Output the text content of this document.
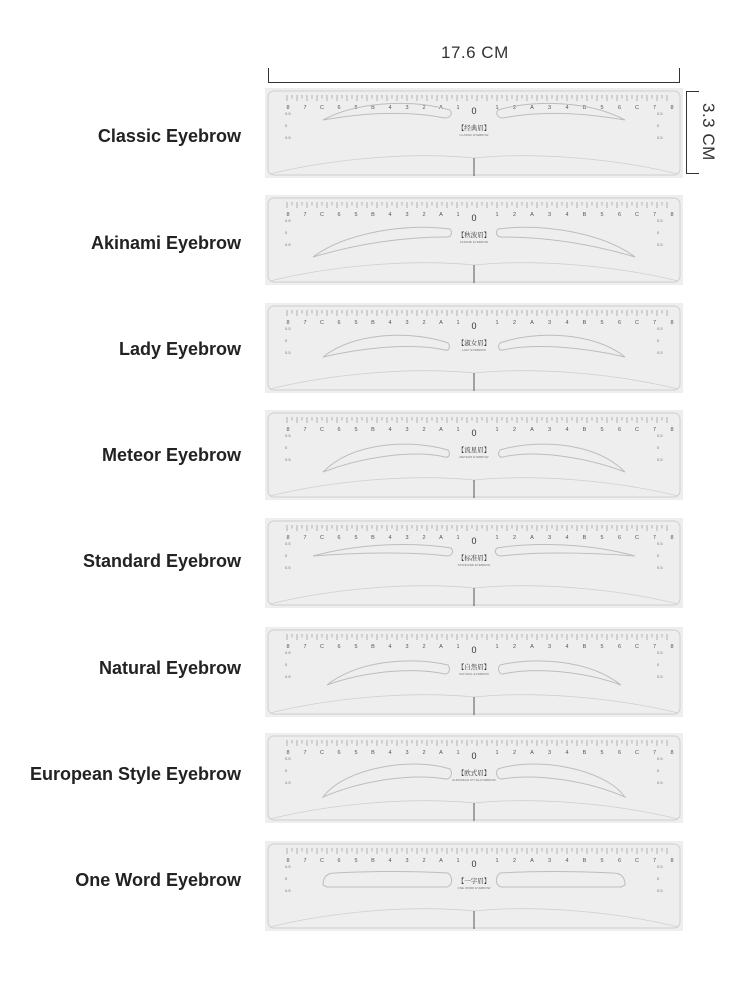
17.6 CM
3.3 CM
Classic Eyebrow
Akinami Eyebrow
Lady Eyebrow
Meteor Eyebrow
Standard Eyebrow
Natural Eyebrow
European Style Eyebrow
One Word Eyebrow
8	7 C 6	5 B 4	3	2 A 1	1	2	A	3	4	B	5	6	C	7	8
0
0.5	0.5
0	0
0.5	0.5
【经典眉】
CLASSIC EYEBROW
8	7 C 6	5 B 4	3	2 A 1	1	2	A	3	4	B	5	6	C	7	8
0
0.5	0.5
0	0
0.5	0.5
【秋波眉】
AKINAMI EYEBROW
8	7 C 6	5 B 4	3	2 A 1	1	2	A	3	4	B	5	6	C	7	8
0
0.5	0.5
0	0
0.5	0.5
【淑女眉】
LADY EYEBROW
8	7 C 6	5 B 4	3	2 A 1	1	2	A	3	4	B	5	6	C	7	8
0
0.5	0.5
0	0
0.5	0.5
【流星眉】
METEOR EYEBROW
8	7 C 6	5 B 4	3	2 A 1	1	2	A	3	4	B	5	6	C	7	8
0
0.5	0.5
0	0
0.5	0.5
【标准眉】
STANDARD EYEBROW
8	7 C 6	5 B 4	3	2 A 1	1	2	A	3	4	B	5	6	C	7	8
0
0.5	0.5
0	0
0.5	0.5
【自然眉】
NATURAL EYEBROW
8	7 C 6	5 B 4	3	2 A 1	1	2	A	3	4	B	5	6	C	7	8
0
0.5	0.5
0	0
0.5	0.5
【欧式眉】
EUROPEAN STYLE EYEBROW
8	7 C 6	5 B 4	3	2 A 1	1	2	A	3	4	B	5	6	C	7	8
0
0.5	0.5
0	0
0.5	0.5
【一字眉】
ONE WORD EYEBROW
